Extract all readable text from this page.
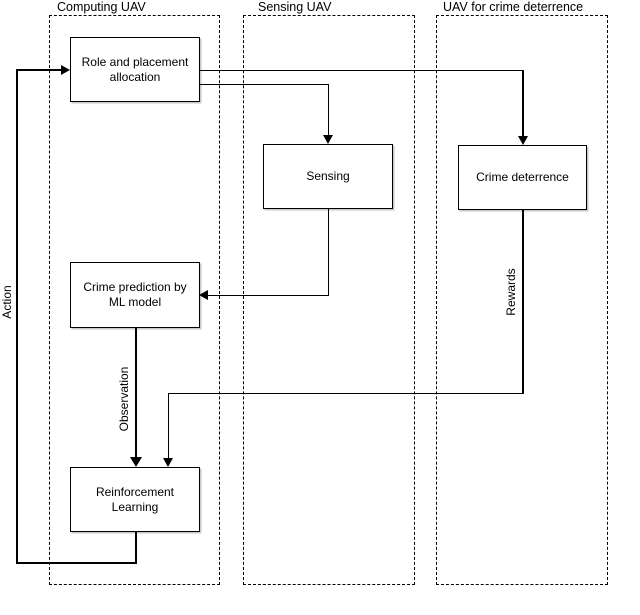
Computing UAV	Sensing UAV	UAV for crime deterrence
Observation
Rewards
Action
Role and placement allocation
Sensing	Crime deterrence
Crime prediction by ML model
Reinforcement Learning
